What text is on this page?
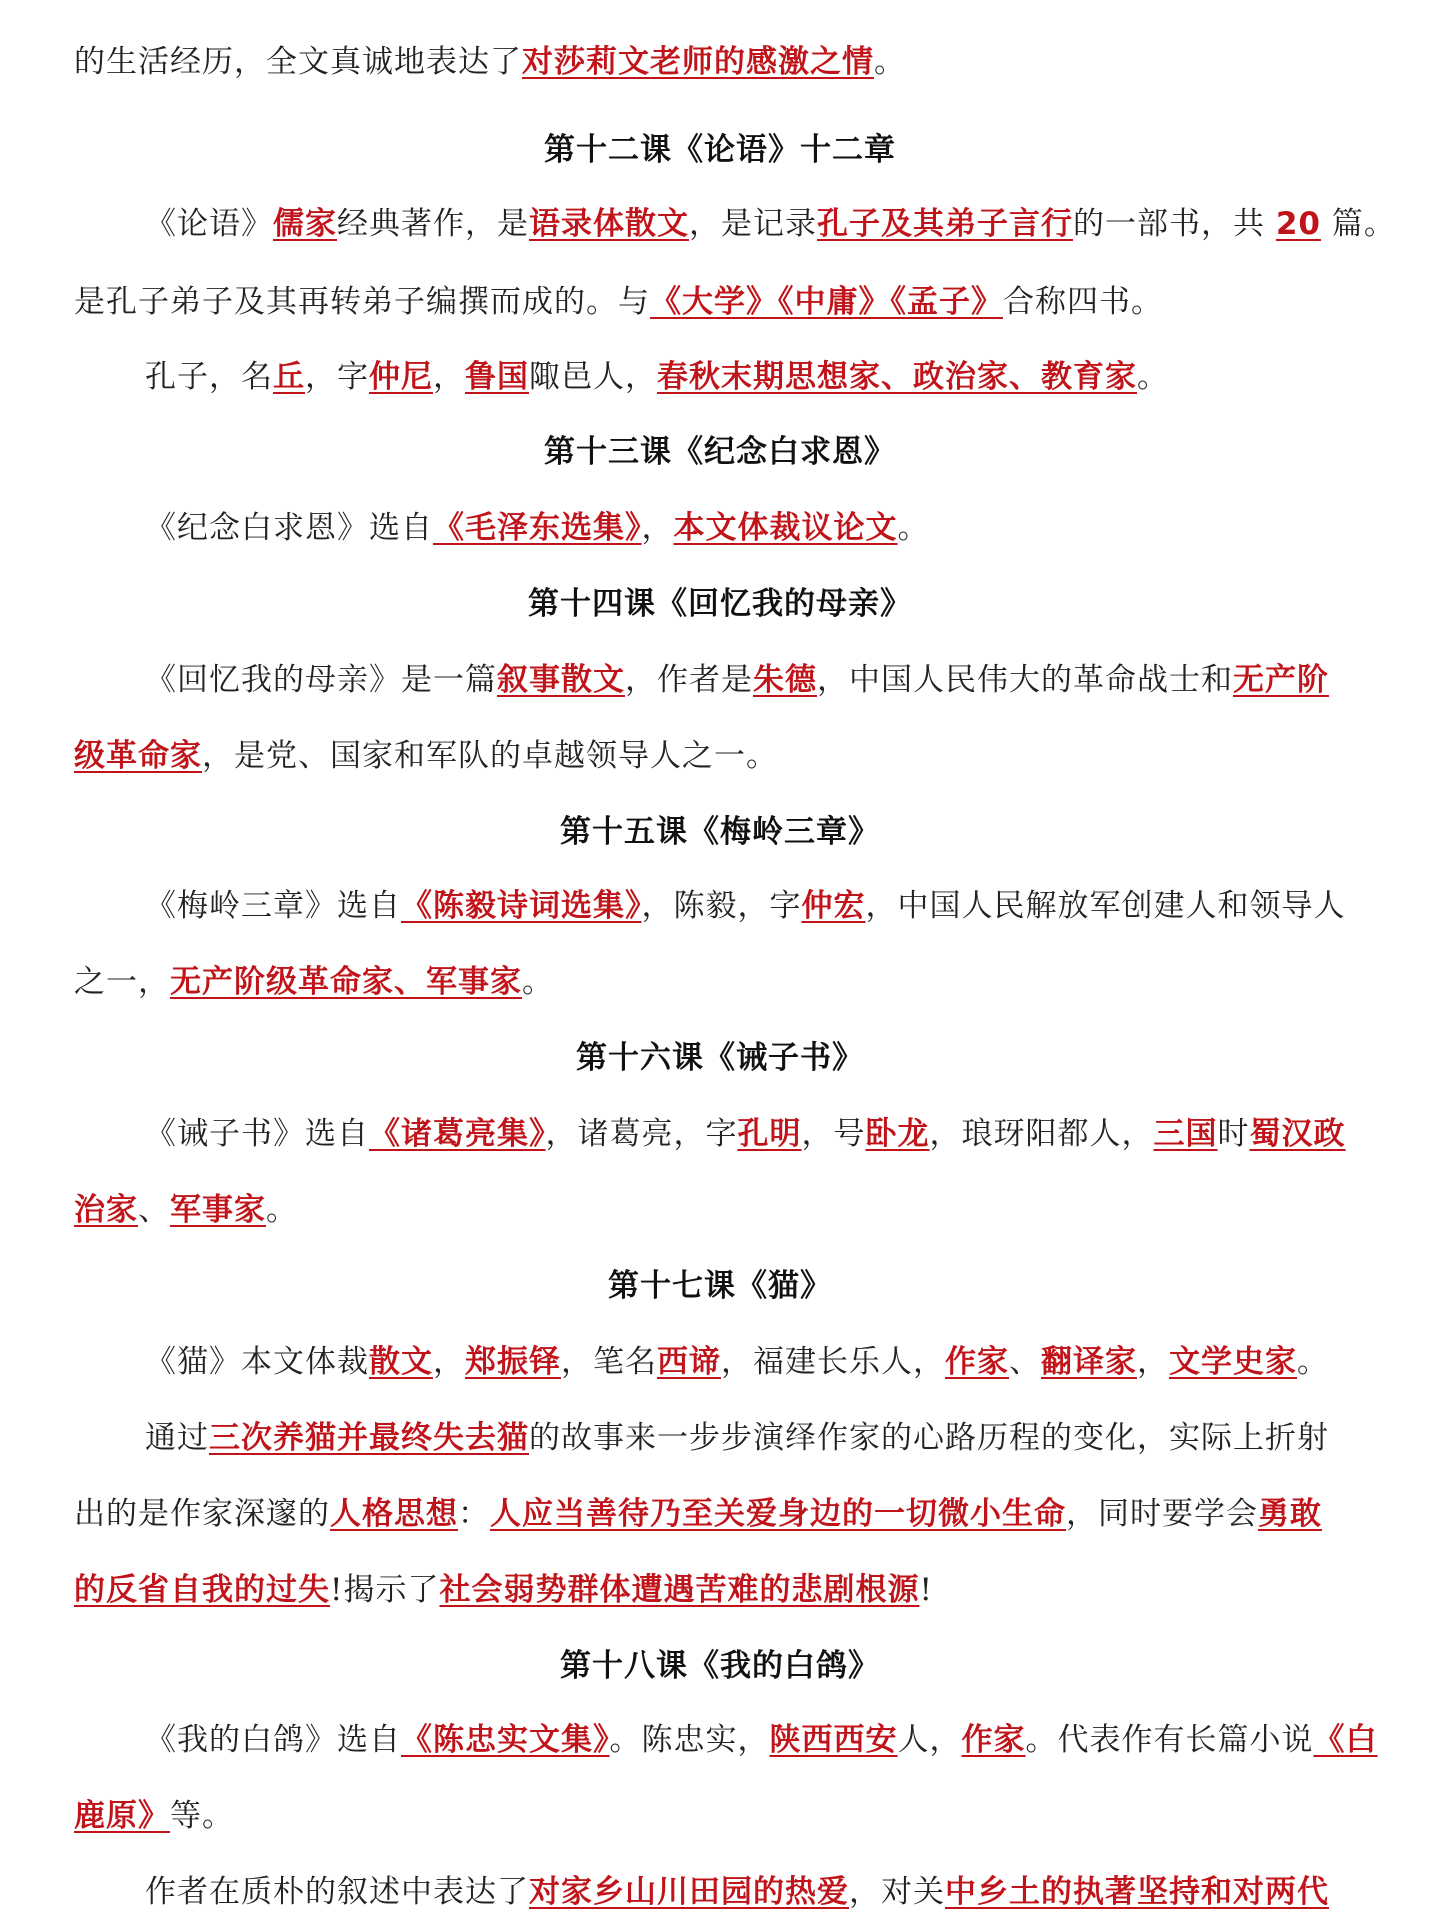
的生活经历，全文真诚地表达了对莎莉文老师的感激之情。
第十二课《论语》十二章
《论语》儒家经典著作，是语录体散文，是记录孔子及其弟子言行的一部书，共 20 篇。
是孔子弟子及其再转弟子编撰而成的。与《大学》《中庸》《孟子》合称四书。
孔子，名丘，字仲尼，鲁国陬邑人，春秋末期思想家、政治家、教育家。
第十三课《纪念白求恩》
《纪念白求恩》选自《毛泽东选集》，本文体裁议论文。
第十四课《回忆我的母亲》
《回忆我的母亲》是一篇叙事散文，作者是朱德，中国人民伟大的革命战士和无产阶
级革命家，是党、国家和军队的卓越领导人之一。
第十五课《梅岭三章》
《梅岭三章》选自《陈毅诗词选集》，陈毅，字仲宏，中国人民解放军创建人和领导人
之一，无产阶级革命家、军事家。
第十六课《诫子书》
《诫子书》选自《诸葛亮集》，诸葛亮，字孔明，号卧龙，琅玡阳都人，三国时蜀汉政
治家、军事家。
第十七课《猫》
《猫》本文体裁散文，郑振铎，笔名西谛，福建长乐人，作家、翻译家，文学史家。
通过三次养猫并最终失去猫的故事来一步步演绎作家的心路历程的变化，实际上折射
出的是作家深邃的人格思想：人应当善待乃至关爱身边的一切微小生命，同时要学会勇敢
的反省自我的过失!揭示了社会弱势群体遭遇苦难的悲剧根源!
第十八课《我的白鸽》
《我的白鸽》选自《陈忠实文集》。陈忠实，陕西西安人，作家。代表作有长篇小说《白
鹿原》等。
作者在质朴的叙述中表达了对家乡山川田园的热爱，对关中乡土的执著坚持和对两代
